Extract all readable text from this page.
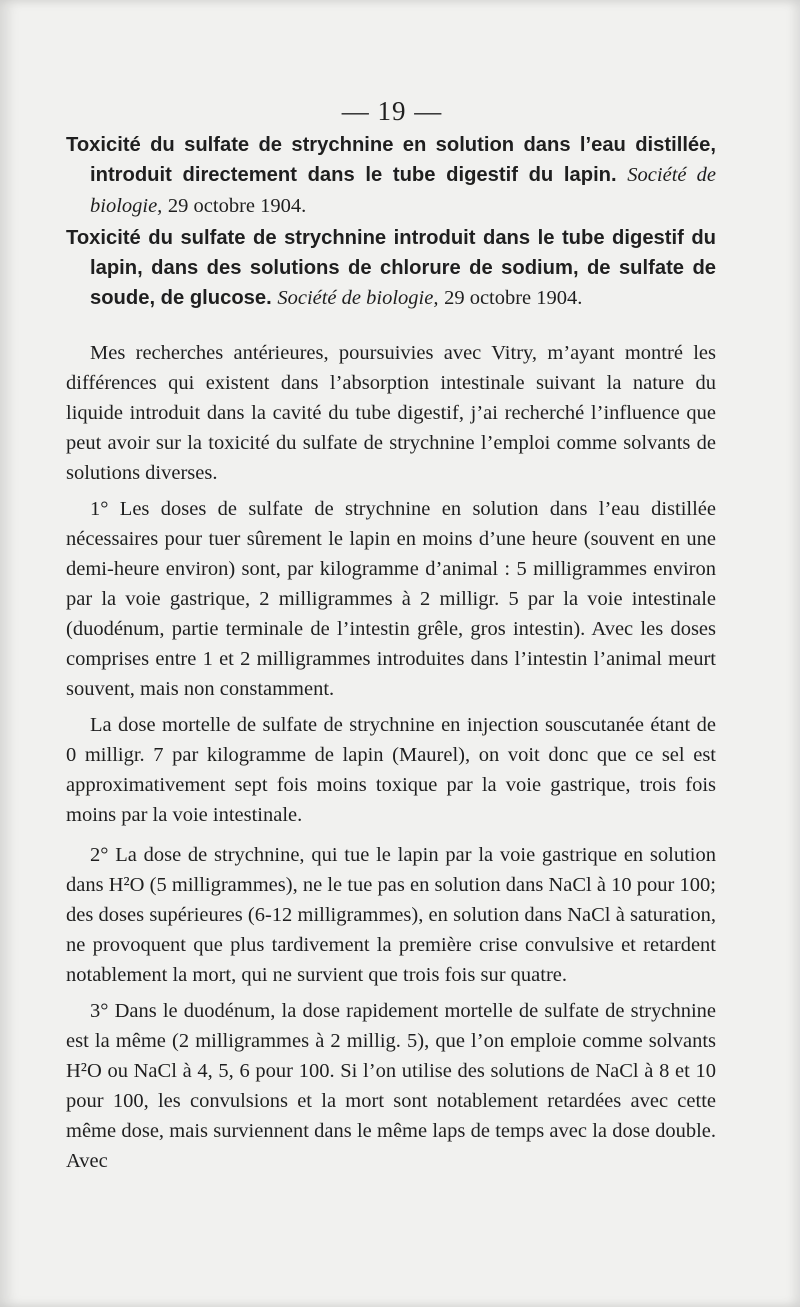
— 19 —

Toxicité du sulfate de strychnine en solution dans l’eau distillée, introduit directement dans le tube digestif du lapin. Société de biologie, 29 octobre 1904.

Toxicité du sulfate de strychnine introduit dans le tube digestif du lapin, dans des solutions de chlorure de sodium, de sulfate de soude, de glucose. Société de biologie, 29 octobre 1904.

Mes recherches antérieures, poursuivies avec Vitry, m’ayant montré les différences qui existent dans l’absorption intestinale suivant la nature du liquide introduit dans la cavité du tube digestif, j’ai recherché l’influence que peut avoir sur la toxicité du sulfate de strychnine l’emploi comme solvants de solutions diverses.

1° Les doses de sulfate de strychnine en solution dans l’eau distillée nécessaires pour tuer sûrement le lapin en moins d’une heure (souvent en une demi-heure environ) sont, par kilogramme d’animal : 5 milligrammes environ par la voie gastrique, 2 milligrammes à 2 milligr. 5 par la voie intestinale (duodénum, partie terminale de l’intestin grêle, gros intestin). Avec les doses comprises entre 1 et 2 milligrammes introduites dans l’intestin l’animal meurt souvent, mais non constamment.

La dose mortelle de sulfate de strychnine en injection souscutanée étant de 0 milligr. 7 par kilogramme de lapin (Maurel), on voit donc que ce sel est approximativement sept fois moins toxique par la voie gastrique, trois fois moins par la voie intestinale.

2° La dose de strychnine, qui tue le lapin par la voie gastrique en solution dans H²O (5 milligrammes), ne le tue pas en solution dans NaCl à 10 pour 100; des doses supérieures (6-12 milligrammes), en solution dans NaCl à saturation, ne provoquent que plus tardivement la première crise convulsive et retardent notablement la mort, qui ne survient que trois fois sur quatre.

3° Dans le duodénum, la dose rapidement mortelle de sulfate de strychnine est la même (2 milligrammes à 2 millig. 5), que l’on emploie comme solvants H²O ou NaCl à 4, 5, 6 pour 100. Si l’on utilise des solutions de NaCl à 8 et 10 pour 100, les convulsions et la mort sont notablement retardées avec cette même dose, mais surviennent dans le même laps de temps avec la dose double. Avec
